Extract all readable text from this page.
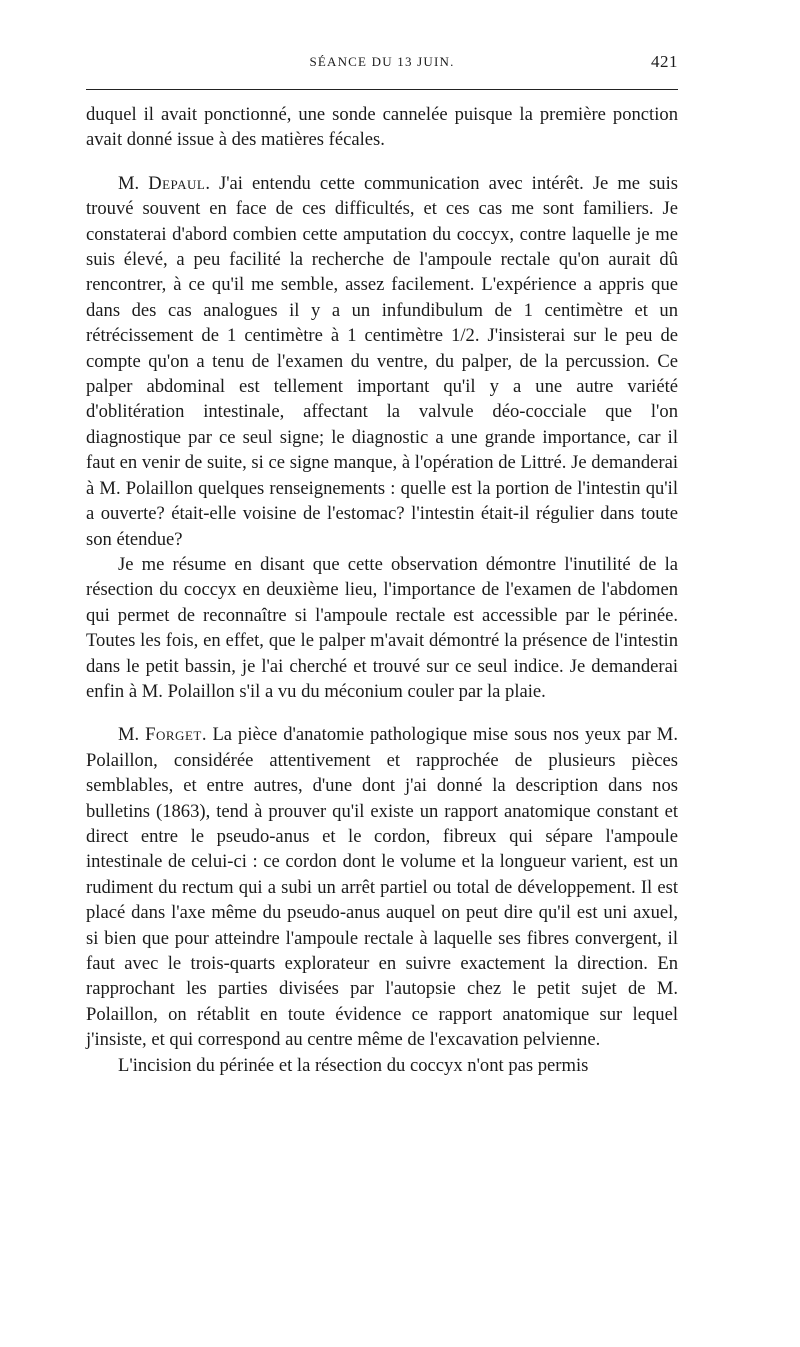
SÉANCE DU 13 JUIN.	421

duquel il avait ponctionné, une sonde cannelée puisque la première ponction avait donné issue à des matières fécales.

M. Depaul. J'ai entendu cette communication avec intérêt. Je me suis trouvé souvent en face de ces difficultés, et ces cas me sont familiers. Je constaterai d'abord combien cette amputation du coccyx, contre laquelle je me suis élevé, a peu facilité la recherche de l'ampoule rectale qu'on aurait dû rencontrer, à ce qu'il me semble, assez facilement. L'expérience a appris que dans des cas analogues il y a un infundibulum de 1 centimètre et un rétrécissement de 1 centimètre à 1 centimètre 1/2. J'insisterai sur le peu de compte qu'on a tenu de l'examen du ventre, du palper, de la percussion. Ce palper abdominal est tellement important qu'il y a une autre variété d'oblitération intestinale, affectant la valvule déo-cocciale que l'on diagnostique par ce seul signe; le diagnostic a une grande importance, car il faut en venir de suite, si ce signe manque, à l'opération de Littré. Je demanderai à M. Polaillon quelques renseignements : quelle est la portion de l'intestin qu'il a ouverte? était-elle voisine de l'estomac? l'intestin était-il régulier dans toute son étendue?

Je me résume en disant que cette observation démontre l'inutilité de la résection du coccyx en deuxième lieu, l'importance de l'examen de l'abdomen qui permet de reconnaître si l'ampoule rectale est accessible par le périnée. Toutes les fois, en effet, que le palper m'avait démontré la présence de l'intestin dans le petit bassin, je l'ai cherché et trouvé sur ce seul indice. Je demanderai enfin à M. Polaillon s'il a vu du méconium couler par la plaie.

M. Forget. La pièce d'anatomie pathologique mise sous nos yeux par M. Polaillon, considérée attentivement et rapprochée de plusieurs pièces semblables, et entre autres, d'une dont j'ai donné la description dans nos bulletins (1863), tend à prouver qu'il existe un rapport anatomique constant et direct entre le pseudo-anus et le cordon, fibreux qui sépare l'ampoule intestinale de celui-ci : ce cordon dont le volume et la longueur varient, est un rudiment du rectum qui a subi un arrêt partiel ou total de développement. Il est placé dans l'axe même du pseudo-anus auquel on peut dire qu'il est uni axuel, si bien que pour atteindre l'ampoule rectale à laquelle ses fibres convergent, il faut avec le trois-quarts explorateur en suivre exactement la direction. En rapprochant les parties divisées par l'autopsie chez le petit sujet de M. Polaillon, on rétablit en toute évidence ce rapport anatomique sur lequel j'insiste, et qui correspond au centre même de l'excavation pelvienne.

L'incision du périnée et la résection du coccyx n'ont pas permis
